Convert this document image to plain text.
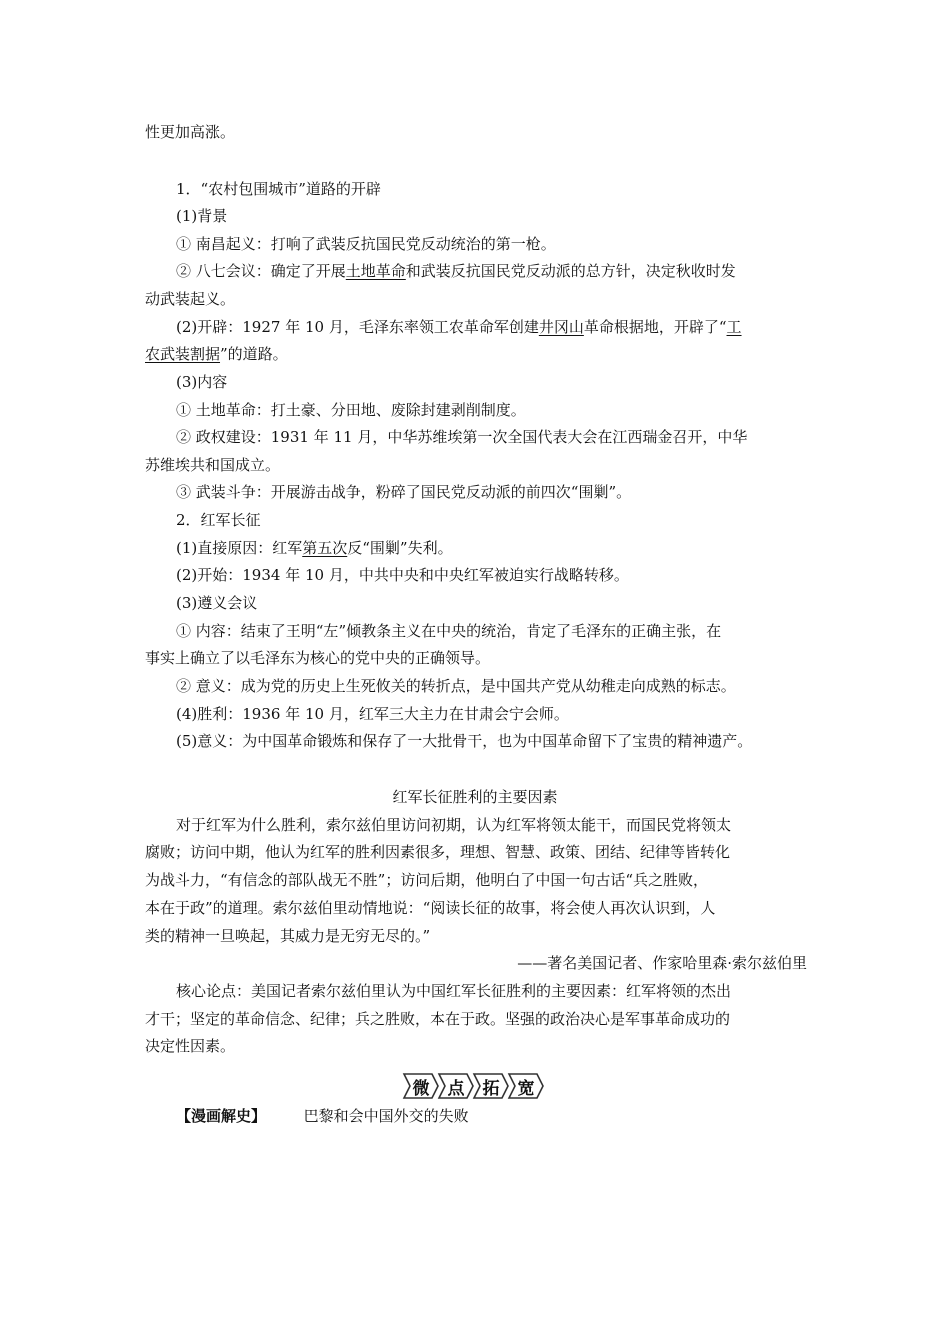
性更加高涨。
1．“农村包围城市”道路的开辟
(1)背景
① 南昌起义：打响了武装反抗国民党反动统治的第一枪。
② 八七会议：确定了开展土地革命和武装反抗国民党反动派的总方针，决定秋收时发
动武装起义。
(2)开辟：1927 年 10 月，毛泽东率领工农革命军创建井冈山革命根据地，开辟了“工
农武装割据”的道路。
(3)内容
① 土地革命：打土豪、分田地、废除封建剥削制度。
② 政权建设：1931 年 11 月，中华苏维埃第一次全国代表大会在江西瑞金召开，中华
苏维埃共和国成立。
③ 武装斗争：开展游击战争，粉碎了国民党反动派的前四次“围剿”。
2．红军长征
(1)直接原因：红军第五次反“围剿”失利。
(2)开始：1934 年 10 月，中共中央和中央红军被迫实行战略转移。
(3)遵义会议
① 内容：结束了王明“左”倾教条主义在中央的统治，肯定了毛泽东的正确主张，在
事实上确立了以毛泽东为核心的党中央的正确领导。
② 意义：成为党的历史上生死攸关的转折点，是中国共产党从幼稚走向成熟的标志。
(4)胜利：1936 年 10 月，红军三大主力在甘肃会宁会师。
(5)意义：为中国革命锻炼和保存了一大批骨干，也为中国革命留下了宝贵的精神遗产。
红军长征胜利的主要因素
对于红军为什么胜利，索尔兹伯里访问初期，认为红军将领太能干，而国民党将领太
腐败；访问中期，他认为红军的胜利因素很多，理想、智慧、政策、团结、纪律等皆转化
为战斗力，“有信念的部队战无不胜”；访问后期，他明白了中国一句古话“兵之胜败，
本在于政”的道理。索尔兹伯里动情地说：“阅读长征的故事，将会使人再次认识到，人
类的精神一旦唤起，其威力是无穷无尽的。”
——著名美国记者、作家哈里森·索尔兹伯里
核心论点：美国记者索尔兹伯里认为中国红军长征胜利的主要因素：红军将领的杰出
才干；坚定的革命信念、纪律；兵之胜败，本在于政。坚强的政治决心是军事革命成功的
决定性因素。
微 点 拓 宽
【漫画解史】	巴黎和会中国外交的失败
